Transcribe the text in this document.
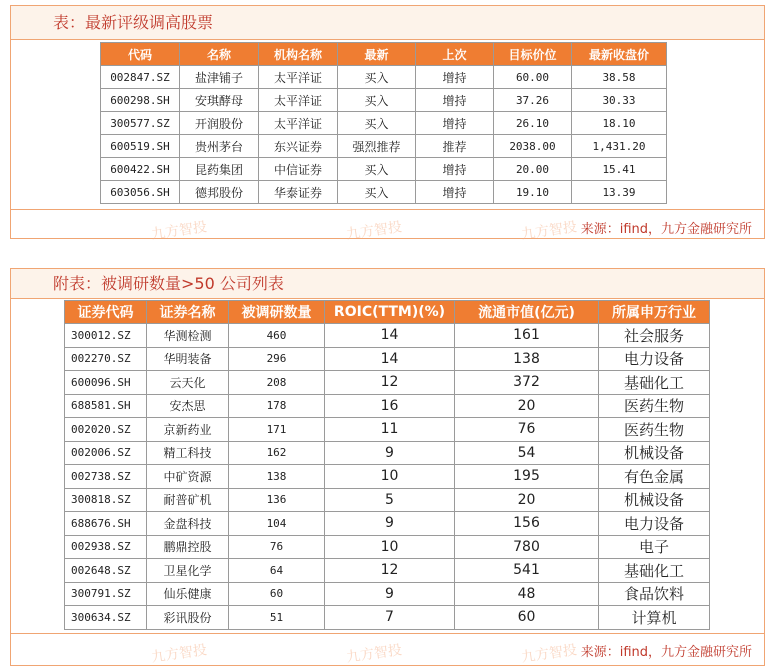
表：最新评级调高股票
代码	名称	机构名称	最新	上次	目标价位	最新收盘价
002847.SZ	盐津铺子	太平洋证	买入	增持	60.00	38.58
600298.SH	安琪酵母	太平洋证	买入	增持	37.26	30.33
300577.SZ	开润股份	太平洋证	买入	增持	26.10	18.10
600519.SH	贵州茅台	东兴证券	强烈推荐	推荐	2038.00	1,431.20
600422.SH	昆药集团	中信证券	买入	增持	20.00	15.41
603056.SH	德邦股份	华泰证券	买入	增持	19.10	13.39
九方智投	九方智投	九方智投 来源：ifind，九方金融研究所
附表：被调研数量>50 公司列表
证券代码	证券名称	被调研数量	ROIC(TTM)(%)	流通市值(亿元)	所属申万行业
300012.SZ	华测检测	460	14	161	社会服务
002270.SZ	华明装备	296	14	138	电力设备
600096.SH	云天化	208	12	372	基础化工
688581.SH	安杰思	178	16	20	医药生物
002020.SZ	京新药业	171	11	76	医药生物
002006.SZ	精工科技	162	9	54	机械设备
002738.SZ	中矿资源	138	10	195	有色金属
300818.SZ	耐普矿机	136	5	20	机械设备
688676.SH	金盘科技	104	9	156	电力设备
002938.SZ	鹏鼎控股	76	10	780	电子
002648.SZ	卫星化学	64	12	541	基础化工
300791.SZ	仙乐健康	60	9	48	食品饮料
300634.SZ	彩讯股份	51	7	60	计算机
九方智投	九方智投	九方智投 来源：ifind，九方金融研究所
